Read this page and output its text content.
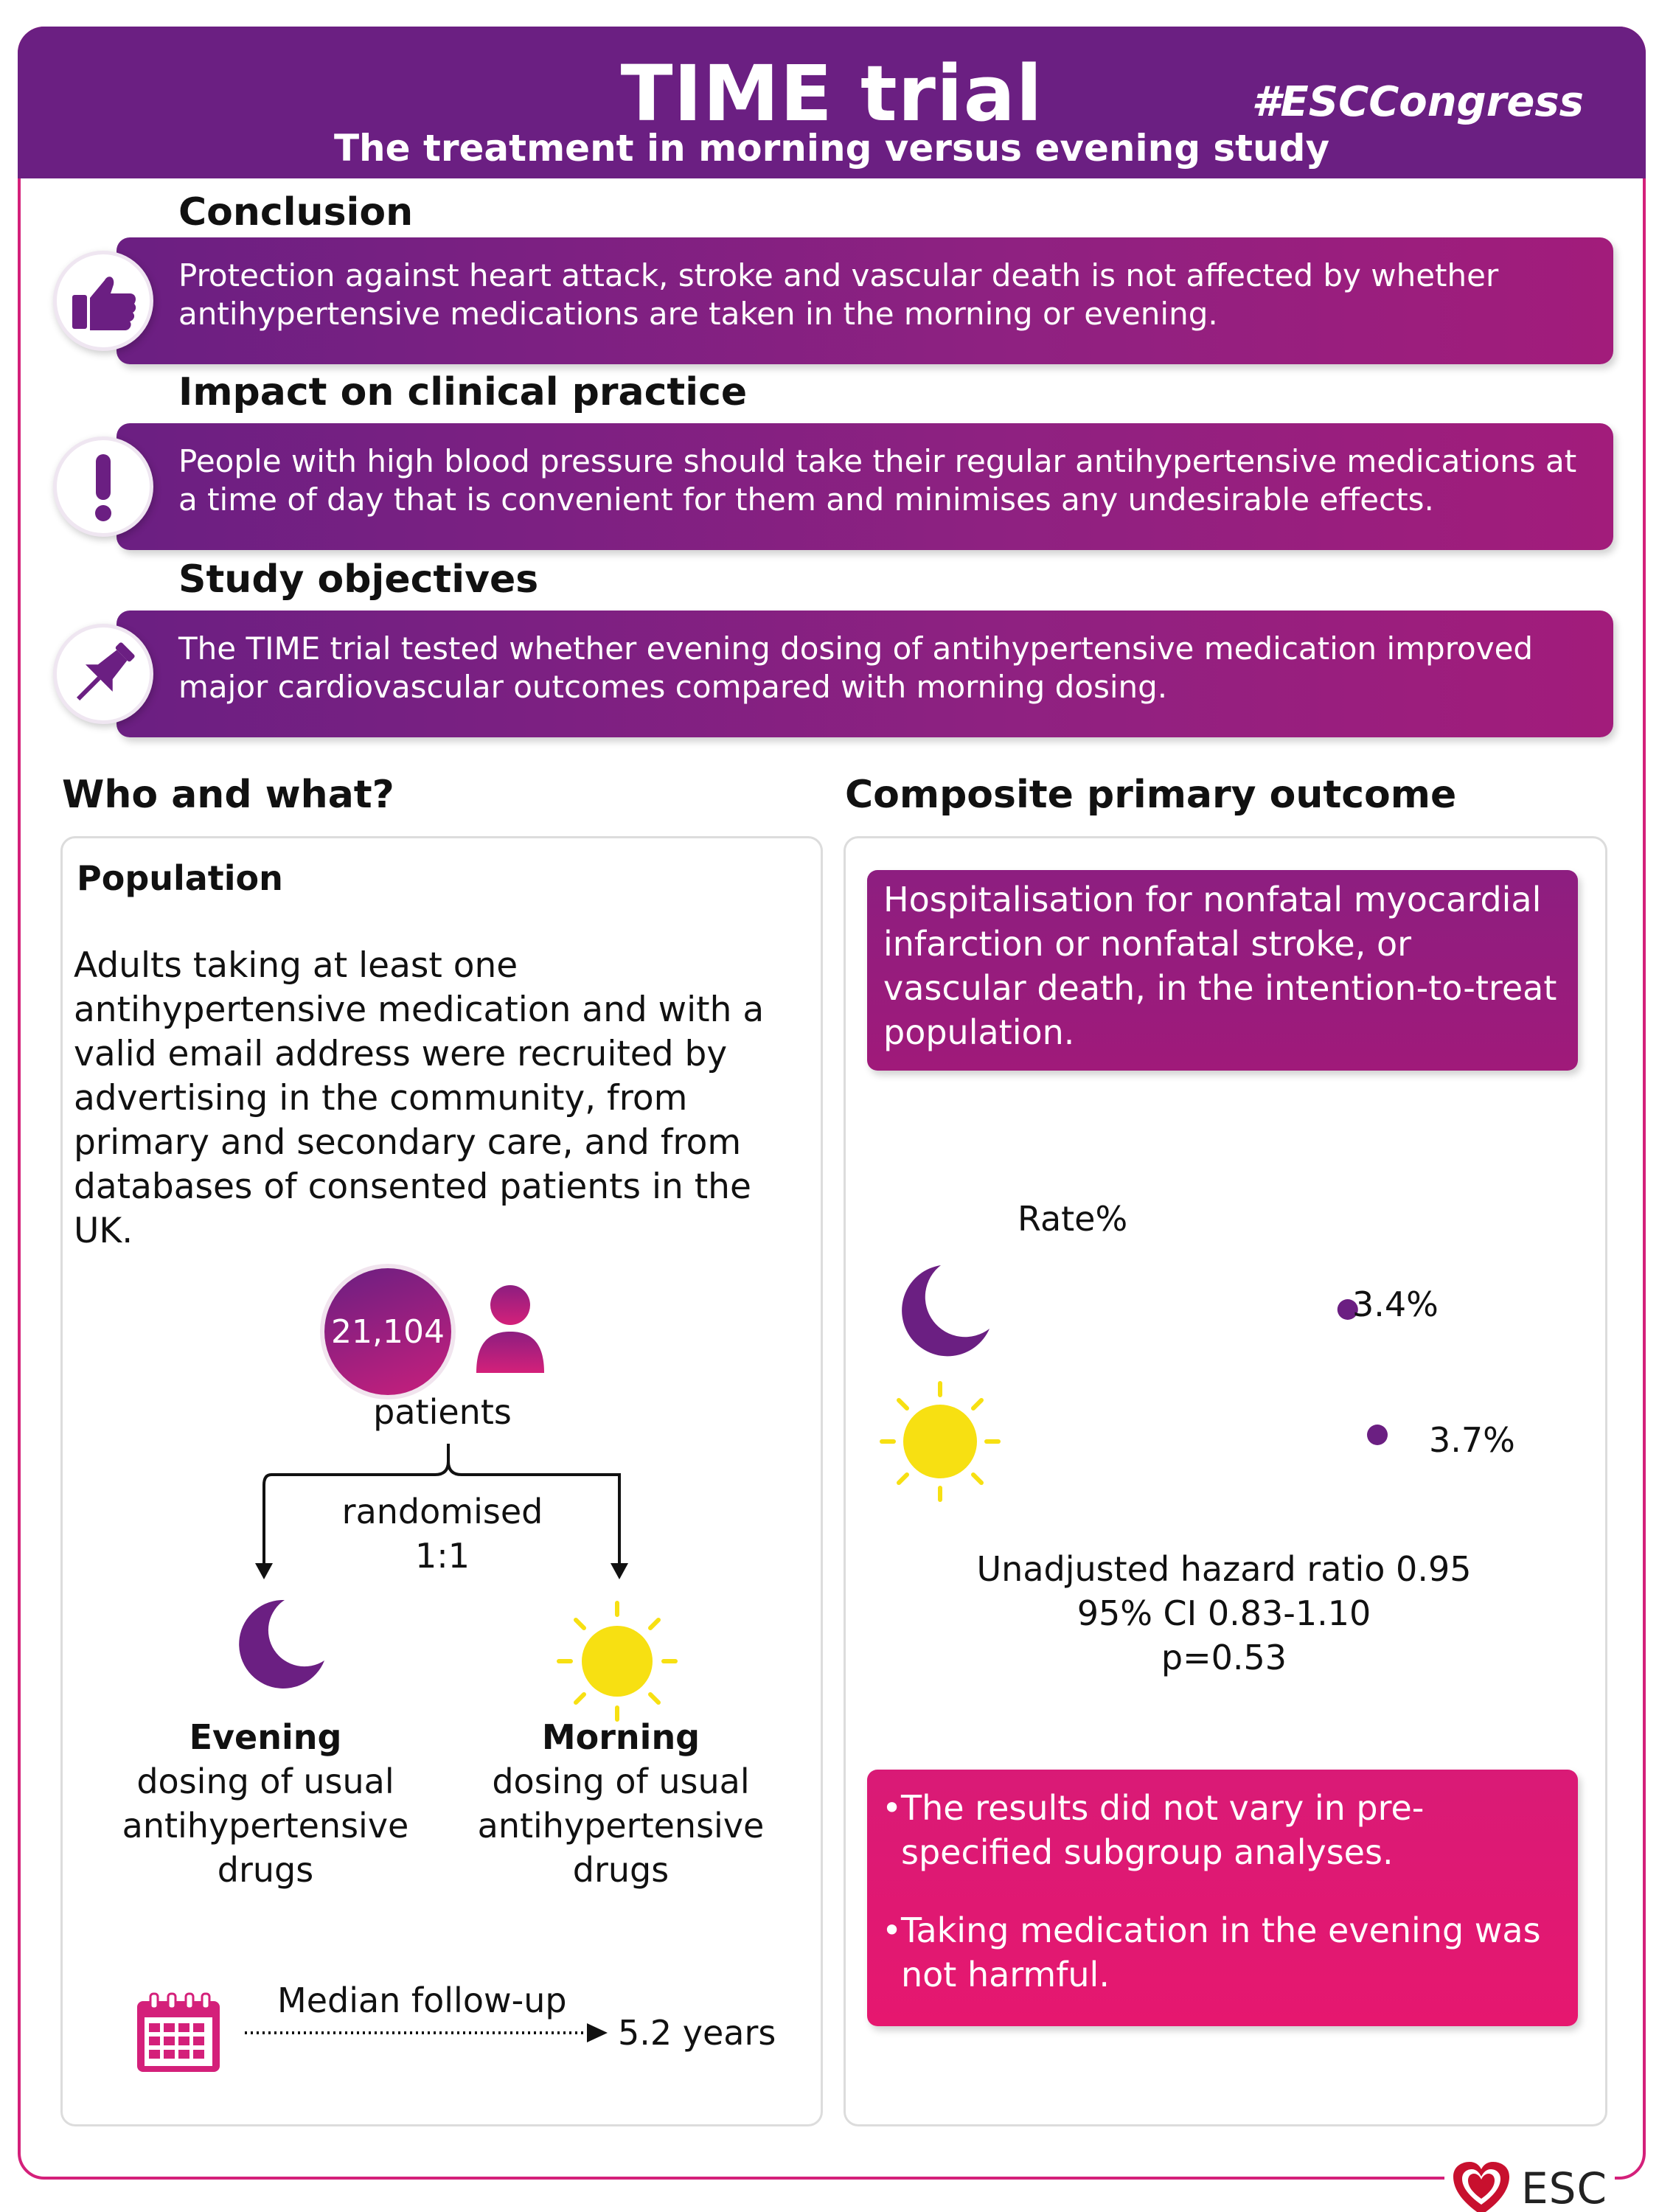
TIME trial	#ESCCongress
The treatment in morning versus evening study
Conclusion
Protection against heart attack, stroke and vascular death is not affected by whether antihypertensive medications are taken in the morning or evening.
Impact on clinical practice
People with high blood pressure should take their regular antihypertensive medications at a time of day that is convenient for them and minimises any undesirable effects.
Study objectives
The TIME trial tested whether evening dosing of antihypertensive medication improved major cardiovascular outcomes compared with morning dosing.
Who and what?	Composite primary outcome
Population
Adults taking at least one antihypertensive medication and with a valid email address were recruited by advertising in the community, from primary and secondary care, and from databases of consented patients in the UK.
21,104
patients
randomised
1:1
Evening
dosing of usual antihypertensive drugs
Morning
dosing of usual antihypertensive drugs
Median follow-up
5.2 years
Hospitalisation for nonfatal myocardial infarction or nonfatal stroke, or vascular death, in the intention-to-treat population.
Rate%
3.4%
3.7%
Unadjusted hazard ratio 0.95
95% CI 0.83-1.10
p=0.53
•
The results did not vary in pre-specified subgroup analyses.
•
Taking medication in the evening was not harmful.
ESC
